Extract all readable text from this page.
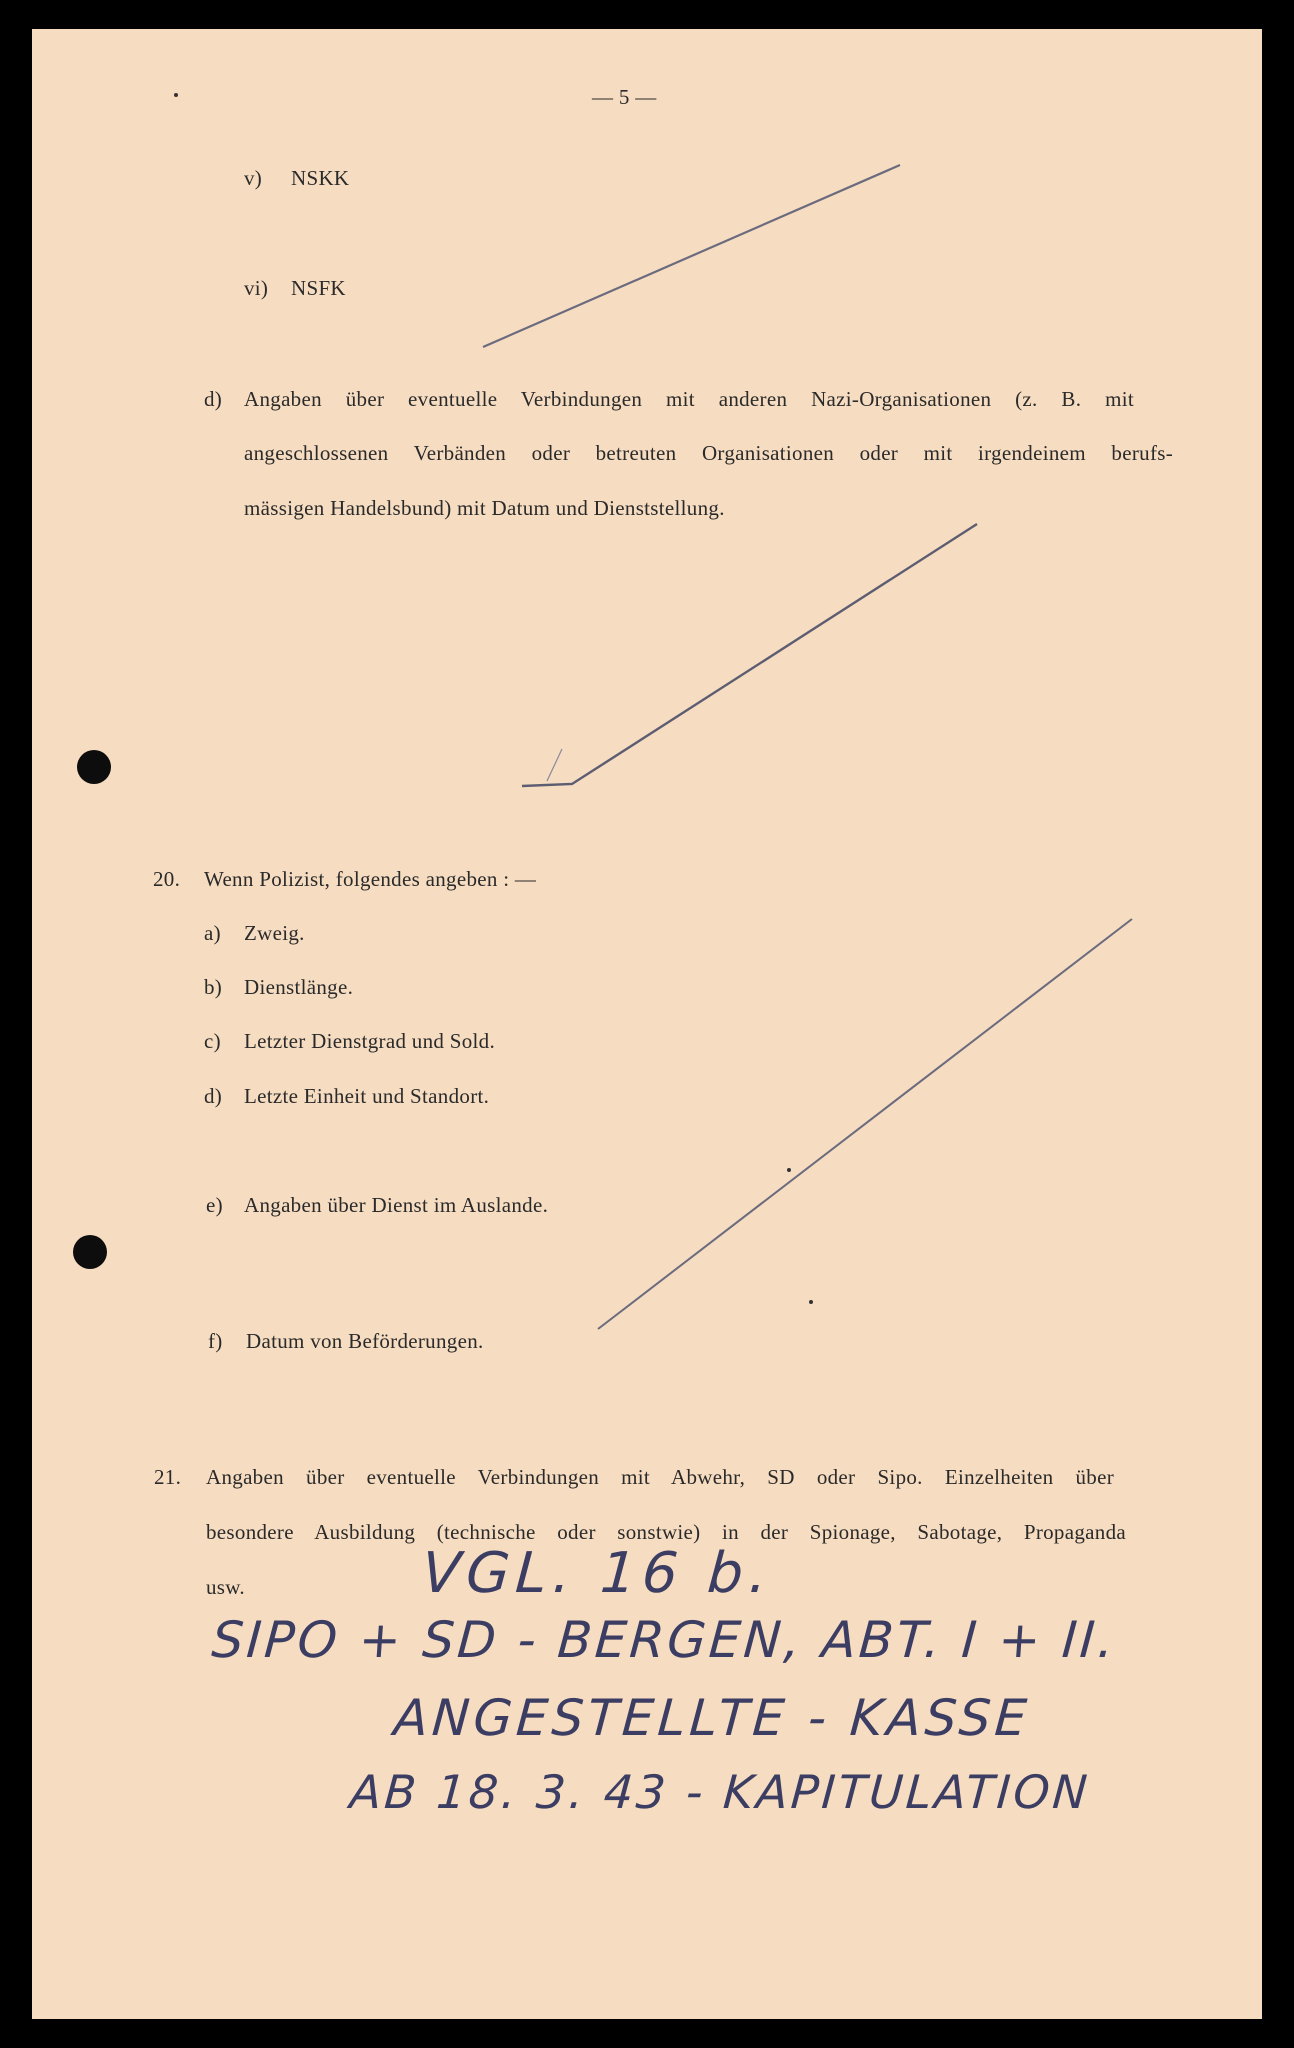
— 5 —
v) NSKK
vi) NSFK
d) Angaben über eventuelle Verbindungen mit anderen Nazi-Organisationen (z. B. mit
angeschlossenen Verbänden oder betreuten Organisationen oder mit irgendeinem berufs-
mässigen Handelsbund) mit Datum und Dienststellung.
20. Wenn Polizist, folgendes angeben : —
a) Zweig.
b) Dienstlänge.
c) Letzter Dienstgrad und Sold.
d) Letzte Einheit und Standort.
e) Angaben über Dienst im Auslande.
f) Datum von Beförderungen.
21. Angaben über eventuelle Verbindungen mit Abwehr, SD oder Sipo. Einzelheiten über
besondere Ausbildung (technische oder sonstwie) in der Spionage, Sabotage, Propaganda
usw.	VGL. 16 b.
SIPO + SD - BERGEN, ABT. I + II.
ANGESTELLTE - KASSE
AB 18. 3. 43 - KAPITULATION
